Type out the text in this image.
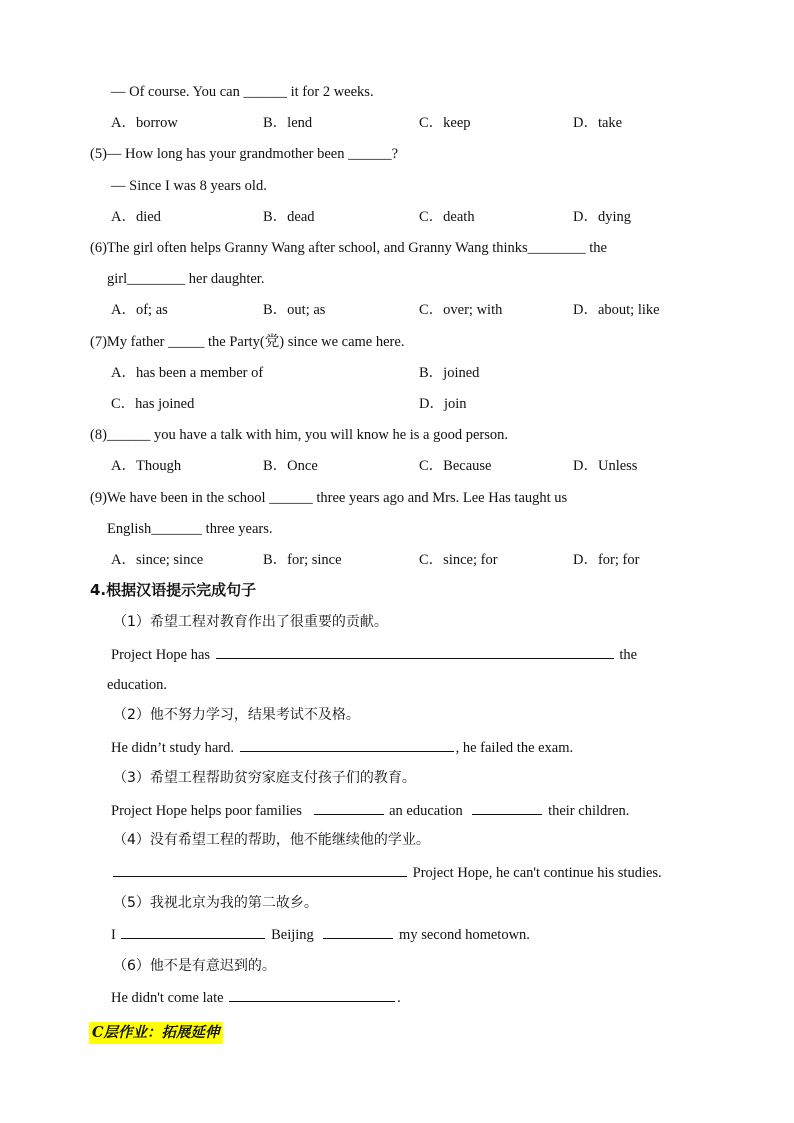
— Of course. You can ______ it for 2 weeks.
A．borrow	B．lend	C．keep	D．take
(5)— How long has your grandmother been ______?
— Since I was 8 years old.
A．died	B．dead	C．death	D．dying
(6)The girl often helps Granny Wang after school, and Granny Wang thinks________ the
girl________ her daughter.
A．of; as	B．out; as	C．over; with	D．about; like
(7)My father _____ the Party(党) since we came here.
A．has been a member of	B．joined
C．has joined	D．join
(8)______ you have a talk with him, you will know he is a good person.
A．Though	B．Once	C．Because	D．Unless
(9)We have been in the school ______ three years ago and Mrs. Lee Has taught us
English_______ three years.
A．since; since	B．for; since	C．since; for	D．for; for
4.根据汉语提示完成句子
（1）希望工程对教育作出了很重要的贡献。
Project Hope has	the
education.
（2）他不努力学习，结果考试不及格。
He didn’t study hard.	, he failed the exam.
（3）希望工程帮助贫穷家庭支付孩子们的教育。
Project Hope helps poor families	an education	their children.
（4）没有希望工程的帮助，他不能继续他的学业。
Project Hope, he can't continue his studies.
（5）我视北京为我的第二故乡。
I	Beijing	my second hometown.
（6）他不是有意迟到的。
He didn't come late	.
C层作业：拓展延伸
